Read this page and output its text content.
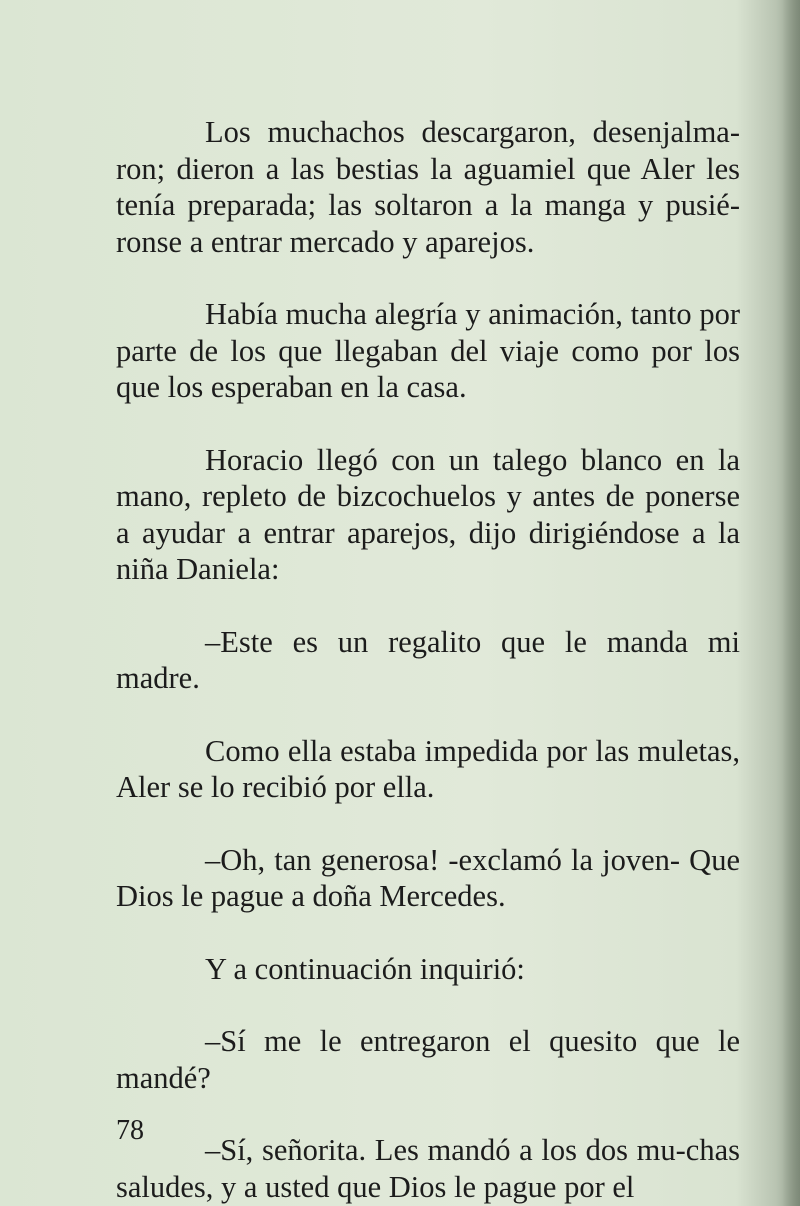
Los muchachos descargaron, desenjalma-ron; dieron a las bestias la aguamiel que Aler les tenía preparada; las soltaron a la manga y pusié-ronse a entrar mercado y aparejos.

Había mucha alegría y animación, tanto por parte de los que llegaban del viaje como por los que los esperaban en la casa.

Horacio llegó con un talego blanco en la mano, repleto de bizcochuelos y antes de ponerse a ayudar a entrar aparejos, dijo dirigiéndose a la niña Daniela:

–Este es un regalito que le manda mi madre.

Como ella estaba impedida por las muletas, Aler se lo recibió por ella.

–Oh, tan generosa! -exclamó la joven- Que Dios le pague a doña Mercedes.

Y a continuación inquirió:

–Sí me le entregaron el quesito que le mandé?

–Sí, señorita. Les mandó a los dos mu-chas saludes, y a usted que Dios le pague por el

78
